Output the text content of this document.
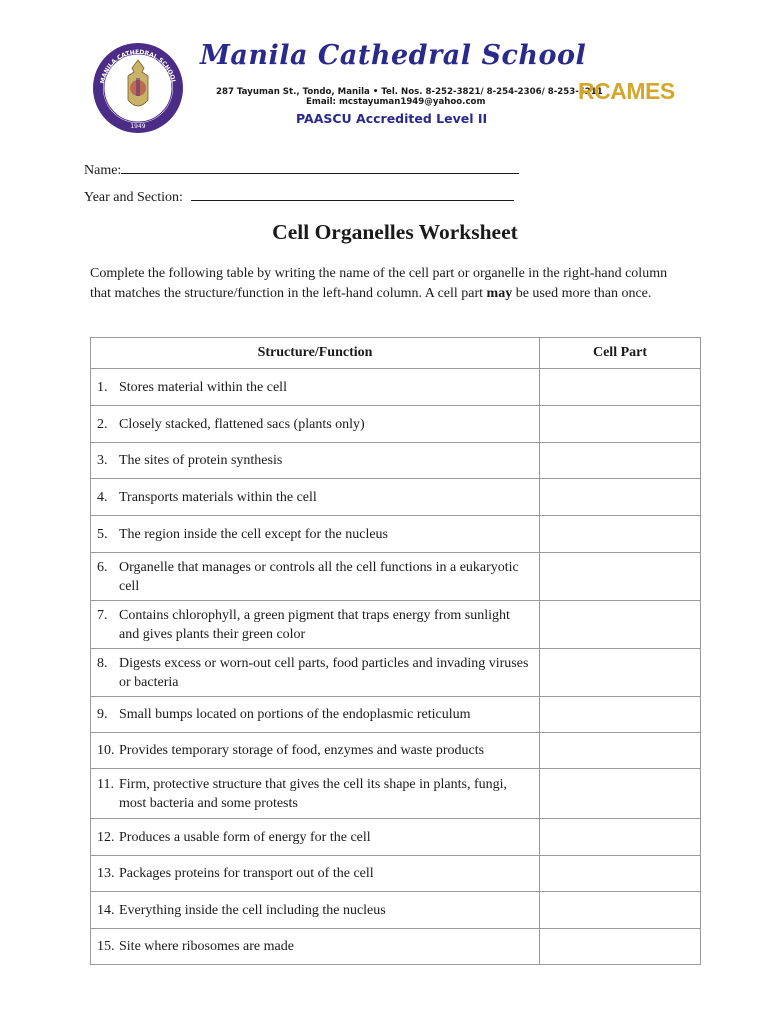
MANILA CATHEDRAL SCHOOL
1949
Manila Cathedral School
287 Tayuman St., Tondo, Manila • Tel. Nos. 8-252-3821/ 8-254-2306/ 8-253-5211
Email: mcstayuman1949@yahoo.com
PAASCU Accredited Level II
RCAMES
Name:
Year and Section:
Cell Organelles Worksheet
Complete the following table by writing the name of the cell part or organelle in the right-hand column that matches the structure/function in the left-hand column. A cell part may be used more than once.
Structure/Function	Cell Part

1. Stores material within the cell	

2. Closely stacked, flattened sacs (plants only)	

3. The sites of protein synthesis	

4. Transports materials within the cell	

5. The region inside the cell except for the nucleus	

6. Organelle that manages or controls all the cell functions in a eukaryotic cell	

7. Contains chlorophyll, a green pigment that traps energy from sunlight and gives plants their green color	

8. Digests excess or worn-out cell parts, food particles and invading viruses or bacteria	

9. Small bumps located on portions of the endoplasmic reticulum	

10. Provides temporary storage of food, enzymes and waste products	

11. Firm, protective structure that gives the cell its shape in plants, fungi, most bacteria and some protests	

12. Produces a usable form of energy for the cell	

13. Packages proteins for transport out of the cell	

14. Everything inside the cell including the nucleus	

15. Site where ribosomes are made	
